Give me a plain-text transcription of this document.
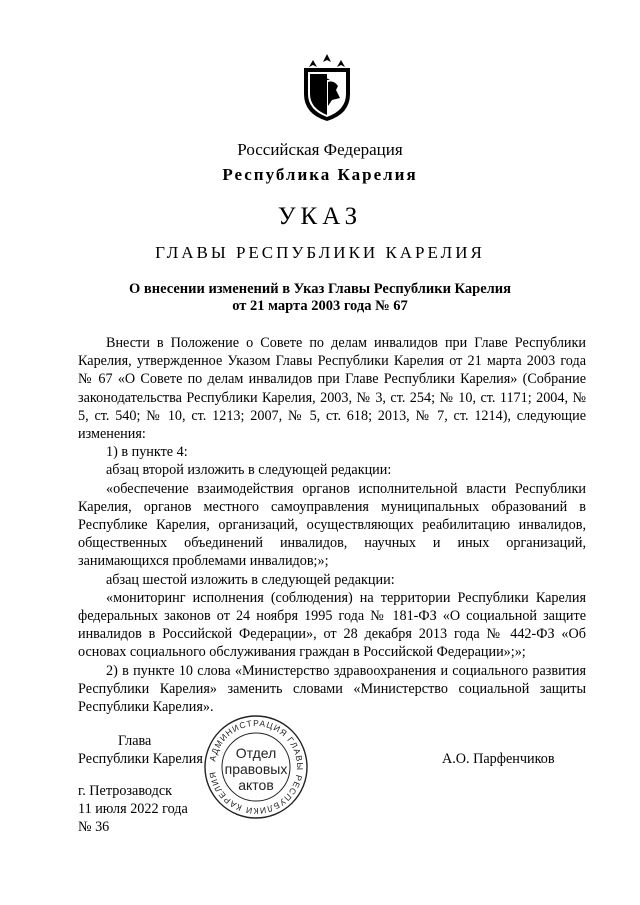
Российская Федерация
Республика Карелия
УКАЗ
ГЛАВЫ РЕСПУБЛИКИ КАРЕЛИЯ
О внесении изменений в Указ Главы Республики Карелия
от 21 марта 2003 года № 67

Внести в Положение о Совете по делам инвалидов при Главе Республики Карелия, утвержденное Указом Главы Республики Карелия от 21 марта 2003 года № 67 «О Совете по делам инвалидов при Главе Республики Карелия» (Собрание законодательства Республики Карелия, 2003, № 3, ст. 254; № 10, ст. 1171; 2004, № 5, ст. 540; № 10, ст. 1213; 2007, № 5, ст. 618; 2013, № 7, ст. 1214), следующие изменения:

1) в пункте 4:

абзац второй изложить в следующей редакции:

«обеспечение взаимодействия органов исполнительной власти Республики Карелия, органов местного самоуправления муниципальных образований в Республике Карелия, организаций, осуществляющих реабилитацию инвалидов, общественных объединений инвалидов, научных и иных организаций, занимающихся проблемами инвалидов;»;

абзац шестой изложить в следующей редакции:

«мониторинг исполнения (соблюдения) на территории Республики Карелия федеральных законов от 24 ноября 1995 года № 181-ФЗ «О социальной защите инвалидов в Российской Федерации», от 28 декабря 2013 года № 442-ФЗ «Об основах социального обслуживания граждан в Российской Федерации»;»;

2) в пункте 10 слова «Министерство здравоохранения и социального развития Республики Карелия» заменить словами «Министерство социальной защиты Республики Карелия».

Глава
Республики Карелия	А.О. Парфенчиков
г. Петрозаводск
11 июля 2022 года
№ 36
АДМИНИСТРАЦИЯ ГЛАВЫ РЕСПУБЛИКИ КАРЕЛИЯ
Отдел
правовых
актов
